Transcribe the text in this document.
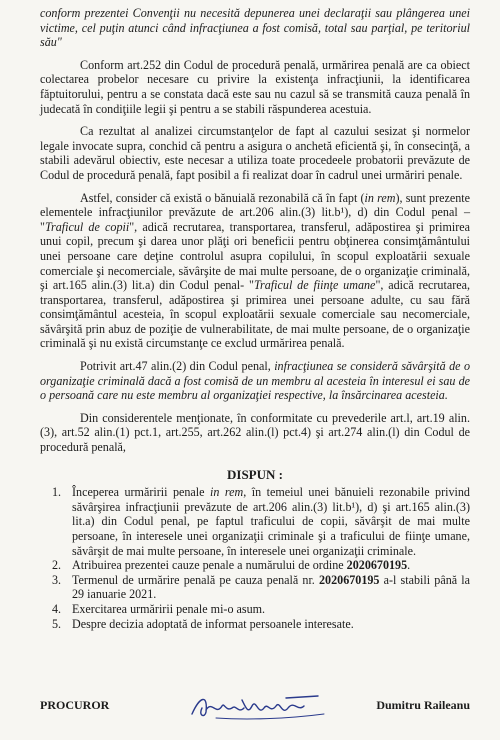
conform prezentei Convenţii nu necesită depunerea unei declaraţii sau plângerea unei victime, cel puţin atunci când infracţiunea a fost comisă, total sau parţial, pe teritoriul său"

Conform art.252 din Codul de procedură penală, urmărirea penală are ca obiect colectarea probelor necesare cu privire la existenţa infracţiunii, la identificarea făptuitorului, pentru a se constata dacă este sau nu cazul să se transmită cauza penală în judecată în condiţiile legii şi pentru a se stabili răspunderea acestuia.

Ca rezultat al analizei circumstanţelor de fapt al cazului sesizat şi normelor legale invocate supra, conchid că pentru a asigura o anchetă eficientă şi, în consecinţă, a stabili adevărul obiectiv, este necesar a utiliza toate procedeele probatorii prevăzute de Codul de procedură penală, fapt posibil a fi realizat doar în cadrul unei urmăriri penale.

Astfel, consider că există o bănuială rezonabilă că în fapt (in rem), sunt prezente elementele infracţiunilor prevăzute de art.206 alin.(3) lit.b¹), d) din Codul penal – "Traficul de copii", adică recrutarea, transportarea, transferul, adăpostirea şi primirea unui copil, precum şi darea unor plăţi ori beneficii pentru obţinerea consimţământului unei persoane care deţine controlul asupra copilului, în scopul exploatării sexuale comerciale şi necomerciale, săvârşite de mai multe persoane, de o organizaţie criminală, şi art.165 alin.(3) lit.a) din Codul penal- "Traficul de fiinţe umane", adică recrutarea, transportarea, transferul, adăpostirea şi primirea unei persoane adulte, cu sau fără consimţământul acesteia, în scopul exploatării sexuale comerciale sau necomerciale, săvârşită prin abuz de poziţie de vulnerabilitate, de mai multe persoane, de o organizaţie criminală şi nu există circumstanţe ce exclud urmărirea penală.

Potrivit art.47 alin.(2) din Codul penal, infracţiunea se consideră săvârşită de o organizaţie criminală dacă a fost comisă de un membru al acesteia în interesul ei sau de o persoană care nu este membru al organizaţiei respective, la însărcinarea acesteia.

Din considerentele menţionate, în conformitate cu prevederile art.l, art.19 alin.(3), art.52 alin.(1) pct.1, art.255, art.262 alin.(l) pct.4) şi art.274 alin.(l) din Codul de procedură penală,

DISPUN :
1. Începerea urmăririi penale in rem, în temeiul unei bănuieli rezonabile privind săvârşirea infracţiunii prevăzute de art.206 alin.(3) lit.b¹), d) şi art.165 alin.(3) lit.a) din Codul penal, pe faptul traficului de copii, săvârşit de mai multe persoane, în interesele unei organizaţii criminale şi a traficului de fiinţe umane, săvârşit de mai multe persoane, în interesele unei organizaţii criminale.
2. Atribuirea prezentei cauze penale a numărului de ordine 2020670195.
3. Termenul de urmărire penală pe cauza penală nr. 2020670195 a-l stabili până la 29 ianuarie 2021.
4. Exercitarea urmăririi penale mi-o asum.
5. Despre decizia adoptată de informat persoanele interesate.
PROCUROR	Dumitru Raileanu
